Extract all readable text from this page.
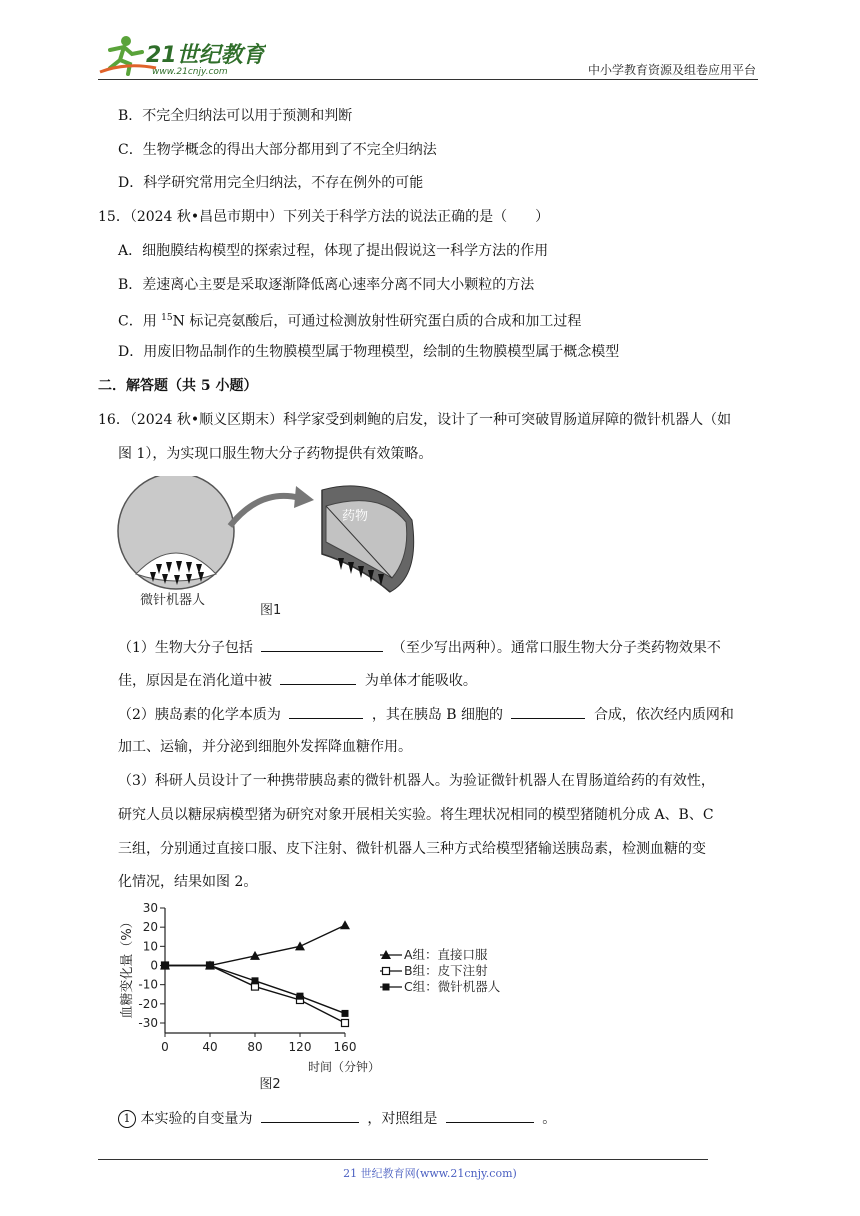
21世纪教育
www.21cnjy.com	中小学教育资源及组卷应用平台
B．不完全归纳法可以用于预测和判断
C．生物学概念的得出大部分都用到了不完全归纳法
D．科学研究常用完全归纳法，不存在例外的可能
15．（2024 秋•昌邑市期中）下列关于科学方法的说法正确的是（　　）
A．细胞膜结构模型的探索过程，体现了提出假说这一科学方法的作用
B．差速离心主要是采取逐渐降低离心速率分离不同大小颗粒的方法
C．用 $^{15}$N 标记亮氨酸后，可通过检测放射性研究蛋白质的合成和加工过程
D．用废旧物品制作的生物膜模型属于物理模型，绘制的生物膜模型属于概念模型
二．解答题（共 5 小题）
16．（2024 秋•顺义区期末）科学家受到刺鲍的启发，设计了一种可突破胃肠道屏障的微针机器人（如
图 1），为实现口服生物大分子药物提供有效策略。
微针机器人
药物
图1
（1）生物大分子包括	（至少写出两种）。通常口服生物大分子类药物效果不
佳，原因是在消化道中被	为单体才能吸收。
（2）胰岛素的化学本质为	，其在胰岛 B 细胞的	合成，依次经内质网和
加工、运输，并分泌到细胞外发挥降血糖作用。
（3）科研人员设计了一种携带胰岛素的微针机器人。为验证微针机器人在胃肠道给药的有效性，
研究人员以糖尿病模型猪为研究对象开展相关实验。将生理状况相同的模型猪随机分成 A、B、C
三组，分别通过直接口服、皮下注射、微针机器人三种方式给模型猪输送胰岛素，检测血糖的变
化情况，结果如图 2。
血糖变化量（%）
30
20
10
0
-10
-20
-30
0	40 80 120 160
A组：直接口服
B组：皮下注射
C组：微针机器人
时间（分钟）
图2
1 本实验的自变量为	，对照组是	。
21 世纪教育网(www.21cnjy.com)
